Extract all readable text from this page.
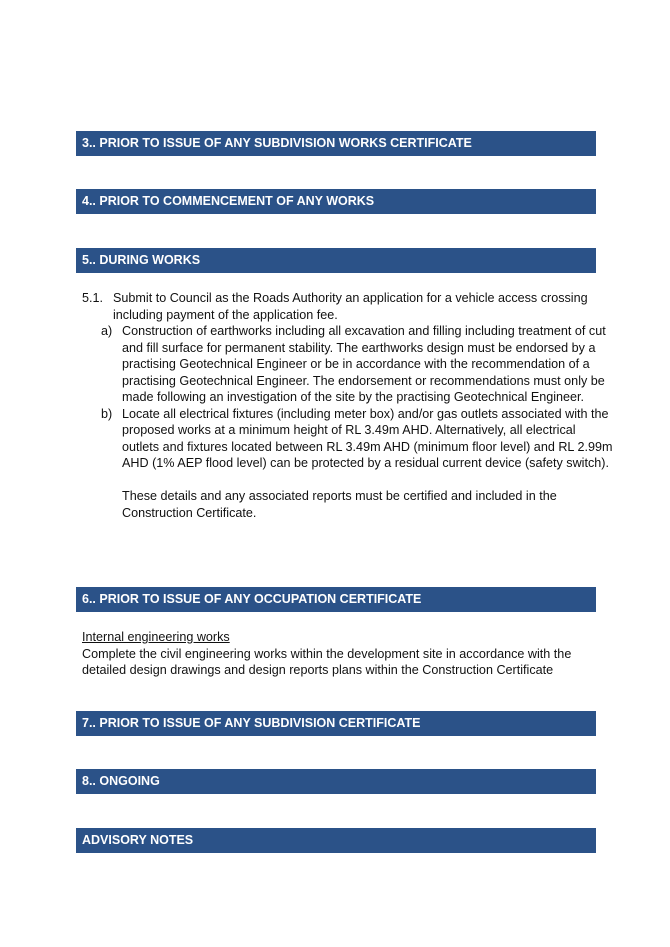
3.. PRIOR TO ISSUE OF ANY SUBDIVISION WORKS CERTIFICATE
4.. PRIOR TO COMMENCEMENT OF ANY WORKS
5.. DURING WORKS
5.1. Submit to Council as the Roads Authority an application for a vehicle access crossing
including payment of the application fee.
a) Construction of earthworks including all excavation and filling including treatment of cut
and fill surface for permanent stability. The earthworks design must be endorsed by a
practising Geotechnical Engineer or be in accordance with the recommendation of a
practising Geotechnical Engineer. The endorsement or recommendations must only be
made following an investigation of the site by the practising Geotechnical Engineer.
b) Locate all electrical fixtures (including meter box) and/or gas outlets associated with the
proposed works at a minimum height of RL 3.49m AHD. Alternatively, all electrical
outlets and fixtures located between RL 3.49m AHD (minimum floor level) and RL 2.99m
AHD (1% AEP flood level) can be protected by a residual current device (safety switch).
These details and any associated reports must be certified and included in the
Construction Certificate.
6.. PRIOR TO ISSUE OF ANY OCCUPATION CERTIFICATE
Internal engineering works
Complete the civil engineering works within the development site in accordance with the
detailed design drawings and design reports plans within the Construction Certificate
7.. PRIOR TO ISSUE OF ANY SUBDIVISION CERTIFICATE
8.. ONGOING
ADVISORY NOTES
